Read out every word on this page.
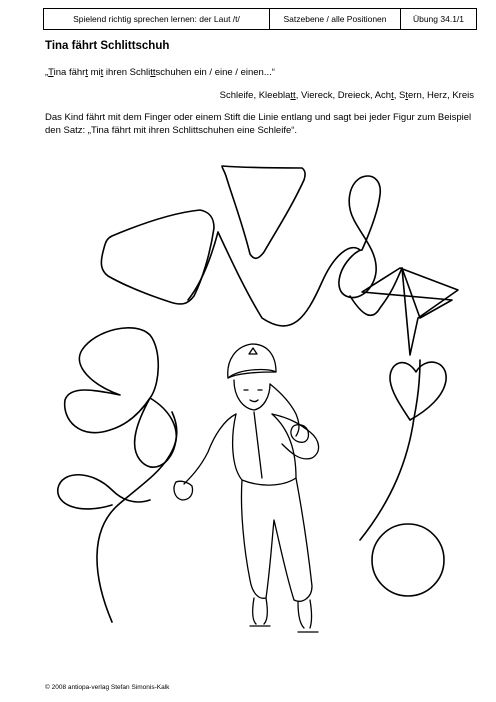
Spielend richtig sprechen lernen: der Laut /t/	Satzebene / alle Positionen	Übung 34.1/1
Tina fährt Schlittschuh
„Tina fährt mit ihren Schlittschuhen ein / eine / einen...“
Schleife, Kleeblatt, Viereck, Dreieck, Acht, Stern, Herz, Kreis
Das Kind fährt mit dem Finger oder einem Stift die Linie entlang und sagt bei jeder Figur zum Beispiel den Satz: „Tina fährt mit ihren Schlittschuhen eine Schleife“.
© 2008 antiopa-verlag Stefan Simonis-Kalk
